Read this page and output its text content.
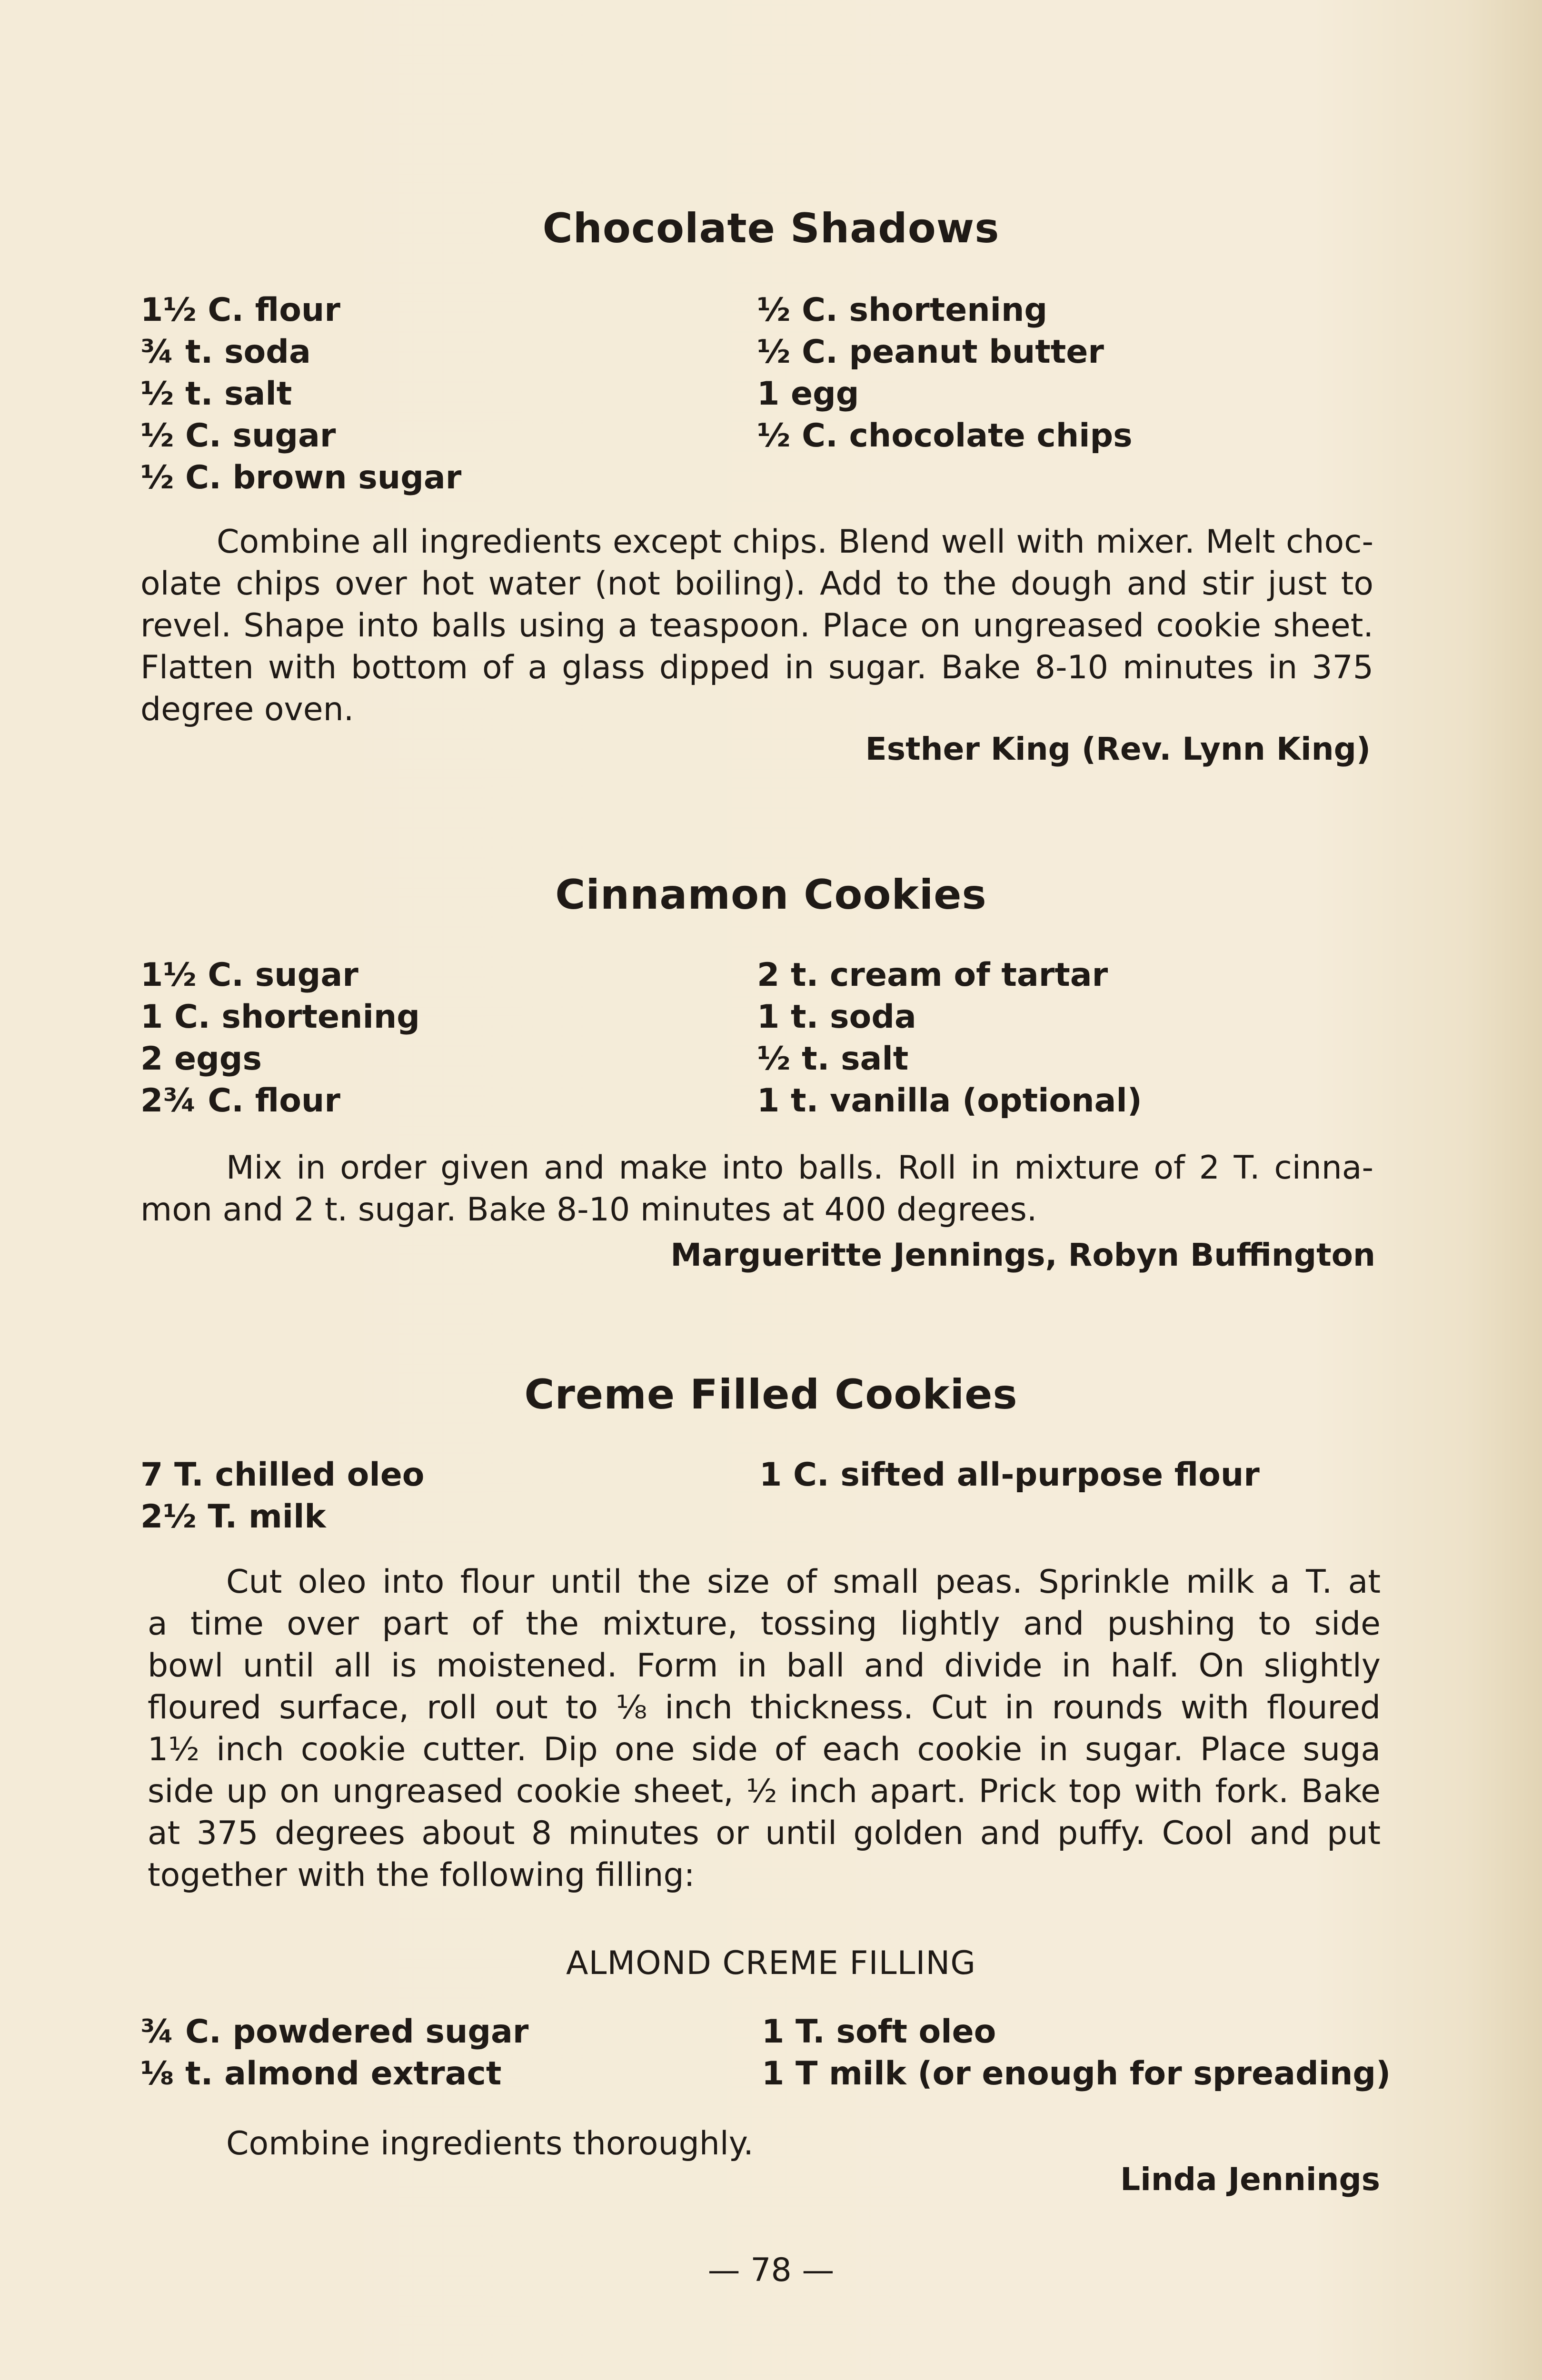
Chocolate Shadows
1½ C. flour
¾ t. soda
½ t. salt
½ C. sugar
½ C. brown sugar
½ C. shortening
½ C. peanut butter
1 egg
½ C. chocolate chips
Combine all ingredients except chips. Blend well with mixer. Melt choc-
olate chips over hot water (not boiling). Add to the dough and stir just to
revel. Shape into balls using a teaspoon. Place on ungreased cookie sheet.
Flatten with bottom of a glass dipped in sugar. Bake 8-10 minutes in 375
degree oven.
Esther King (Rev. Lynn King)
Cinnamon Cookies
1½ C. sugar
1 C. shortening
2 eggs
2¾ C. flour
2 t. cream of tartar
1 t. soda
½ t. salt
1 t. vanilla (optional)
Mix in order given and make into balls. Roll in mixture of 2 T. cinna-
mon and 2 t. sugar. Bake 8-10 minutes at 400 degrees.
Margueritte Jennings, Robyn Buffington
Creme Filled Cookies
7 T. chilled oleo
2½ T. milk
1 C. sifted all-purpose flour
Cut oleo into flour until the size of small peas. Sprinkle milk a T. at
a time over part of the mixture, tossing lightly and pushing to side
bowl until all is moistened. Form in ball and divide in half. On slightly
floured surface, roll out to ⅛ inch thickness. Cut in rounds with floured
1½ inch cookie cutter. Dip one side of each cookie in sugar. Place suga
side up on ungreased cookie sheet, ½ inch apart. Prick top with fork. Bake
at 375 degrees about 8 minutes or until golden and puffy. Cool and put
together with the following filling:
ALMOND CREME FILLING
¾ C. powdered sugar
⅛ t. almond extract
1 T. soft oleo
1 T milk (or enough for spreading)
Combine ingredients thoroughly.
Linda Jennings
— 78 —
